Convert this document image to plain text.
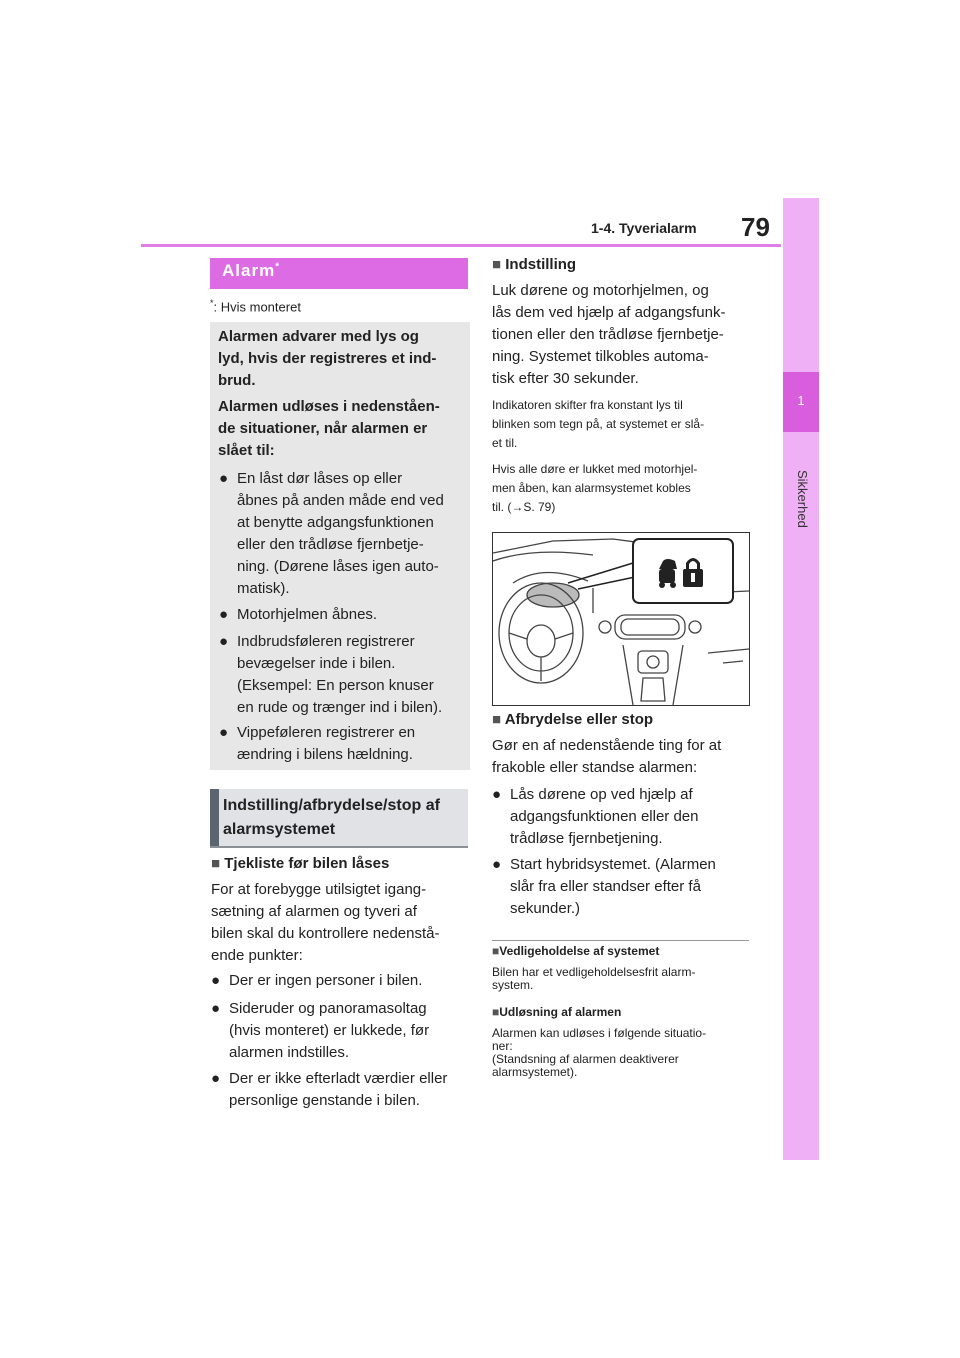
1-4. Tyverialarm 79
1
Sikkerhed
Alarm*
*: Hvis monteret
Alarmen advarer med lys og
lyd, hvis der registreres et ind-
brud.
Alarmen udløses i nedenståen-
de situationer, når alarmen er
slået til:
● En låst dør låses op eller
åbnes på anden måde end ved
at benytte adgangsfunktionen
eller den trådløse fjernbetje-
ning. (Dørene låses igen auto-
matisk).
● Motorhjelmen åbnes.
● Indbrudsføleren registrerer
bevægelser inde i bilen.
(Eksempel: En person knuser
en rude og trænger ind i bilen).
● Vippeføleren registrerer en
ændring i bilens hældning.
Indstilling/afbrydelse/stop af
alarmsystemet
■ Tjekliste før bilen låses
For at forebygge utilsigtet igang-
sætning af alarmen og tyveri af
bilen skal du kontrollere nedenstå-
ende punkter:
● Der er ingen personer i bilen.
● Sideruder og panoramasoltag
(hvis monteret) er lukkede, før
alarmen indstilles.
● Der er ikke efterladt værdier eller
personlige genstande i bilen.
■ Indstilling
Luk dørene og motorhjelmen, og
lås dem ved hjælp af adgangsfunk-
tionen eller den trådløse fjernbetje-
ning. Systemet tilkobles automa-
tisk efter 30 sekunder.
Indikatoren skifter fra konstant lys til
blinken som tegn på, at systemet er slå-
et til.
Hvis alle døre er lukket med motorhjel-
men åben, kan alarmsystemet kobles
til. (→S. 79)
■ Afbrydelse eller stop
Gør en af nedenstående ting for at
frakoble eller standse alarmen:
● Lås dørene op ved hjælp af
adgangsfunktionen eller den
trådløse fjernbetjening.
● Start hybridsystemet. (Alarmen
slår fra eller standser efter få
sekunder.)
■Vedligeholdelse af systemet
Bilen har et vedligeholdelsesfrit alarm-
system.
■Udløsning af alarmen
Alarmen kan udløses i følgende situatio-
ner:
(Standsning af alarmen deaktiverer
alarmsystemet).
